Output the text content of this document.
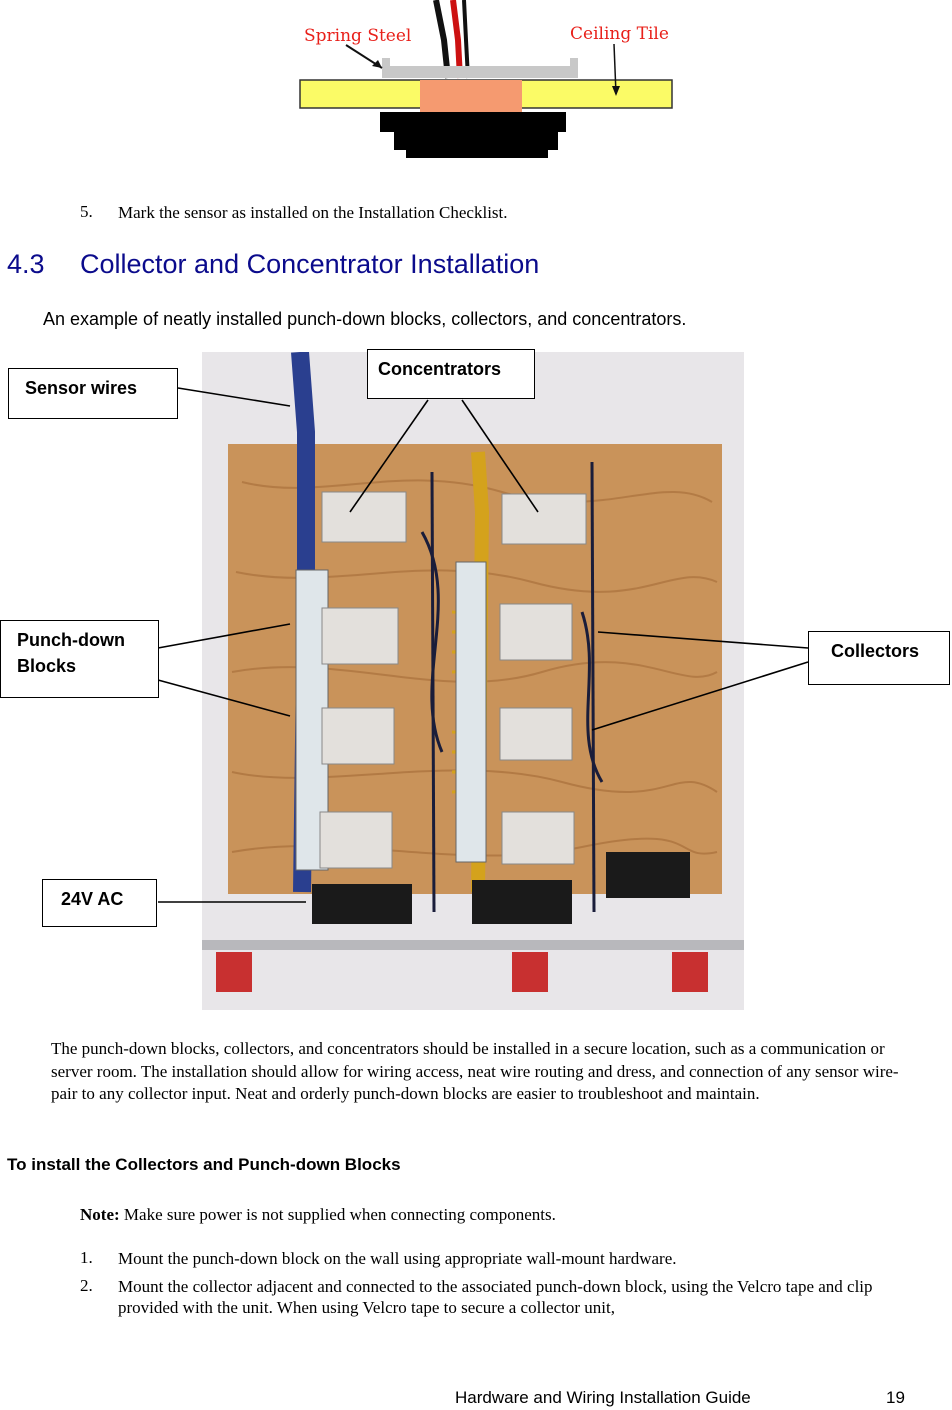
Spring Steel	Ceiling Tile
5. Mark the sensor as installed on the Installation Checklist.
4.3 Collector and Concentrator Installation
An example of neatly installed punch-down blocks, collectors, and concentrators.
Sensor wires
Concentrators
Punch-down
Blocks
Collectors
24V AC
The punch-down blocks, collectors, and concentrators should be installed in a secure location, such as a communication or server room. The installation should allow for wiring access, neat wire routing and dress, and connection of any sensor wire-pair to any collector input. Neat and orderly punch-down blocks are easier to troubleshoot and maintain.
To install the Collectors and Punch-down Blocks
Note: Make sure power is not supplied when connecting components.
1. Mount the punch-down block on the wall using appropriate wall-mount hardware.
2. Mount the collector adjacent and connected to the associated punch-down block, using the Velcro tape and clip provided with the unit. When using Velcro tape to secure a collector unit,
Hardware and Wiring Installation Guide	19
